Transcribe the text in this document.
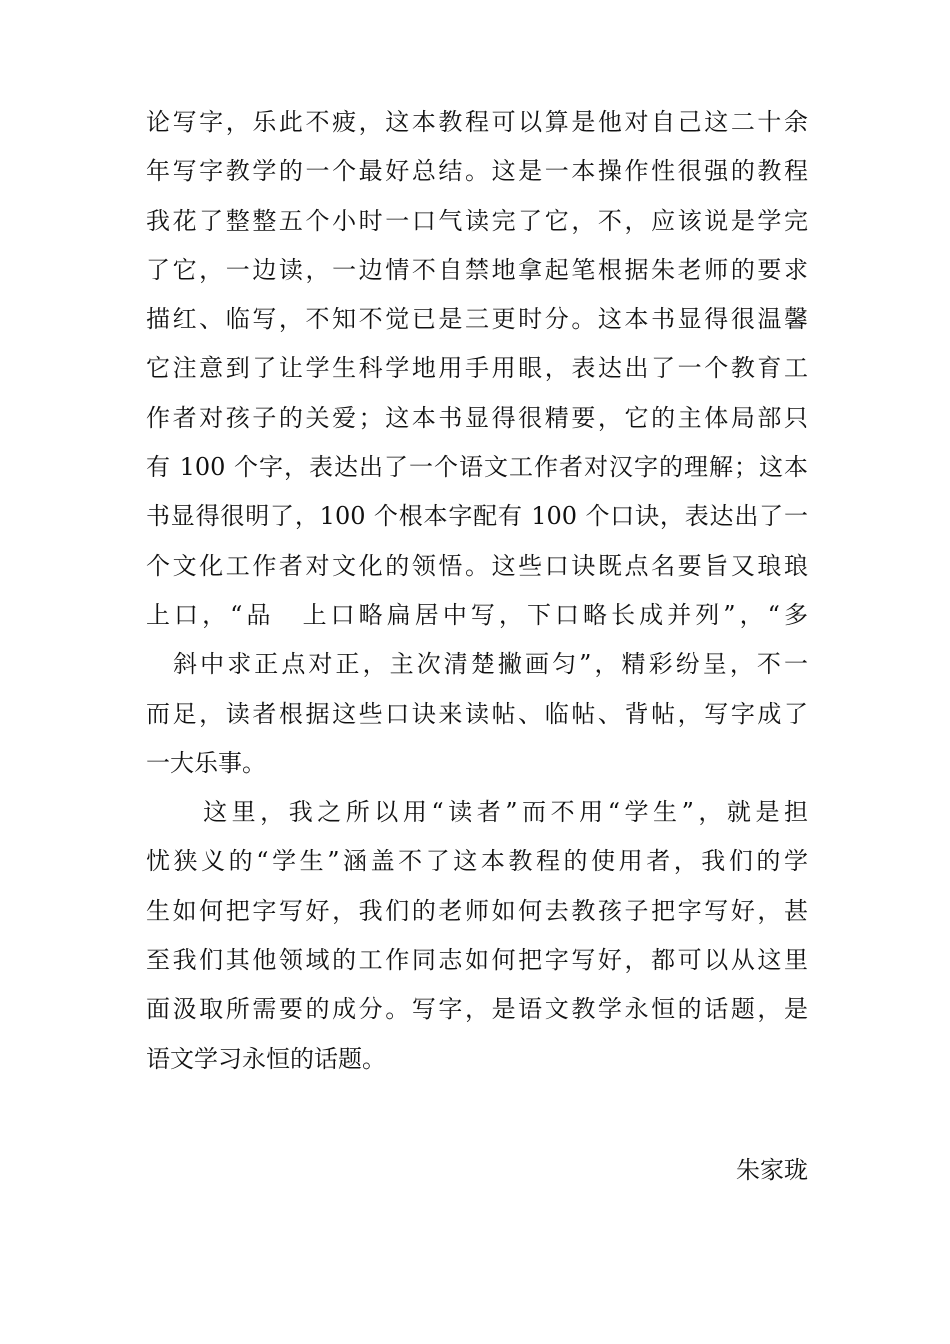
论写字，乐此不疲，这本教程可以算是他对自己这二十余
年写字教学的一个最好总结。这是一本操作性很强的教程
我花了整整五个小时一口气读完了它，不，应该说是学完
了它，一边读，一边情不自禁地拿起笔根据朱老师的要求
描红、临写，不知不觉已是三更时分。这本书显得很温馨
它注意到了让学生科学地用手用眼，表达出了一个教育工
作者对孩子的关爱；这本书显得很精要，它的主体局部只
有 100 个字，表达出了一个语文工作者对汉字的理解；这本
书显得很明了，100 个根本字配有 100 个口诀，表达出了一
个文化工作者对文化的领悟。这些口诀既点名要旨又琅琅
上口，“品　上口略扁居中写，下口略长成并列”，“多
　斜中求正点对正，主次清楚撇画匀”，精彩纷呈，不一
而足，读者根据这些口诀来读帖、临帖、背帖，写字成了
一大乐事。
　　这里，我之所以用“读者”而不用“学生”，就是担
忧狭义的“学生”涵盖不了这本教程的使用者，我们的学
生如何把字写好，我们的老师如何去教孩子把字写好，甚
至我们其他领域的工作同志如何把字写好，都可以从这里
面汲取所需要的成分。写字，是语文教学永恒的话题，是
语文学习永恒的话题。
朱家珑
